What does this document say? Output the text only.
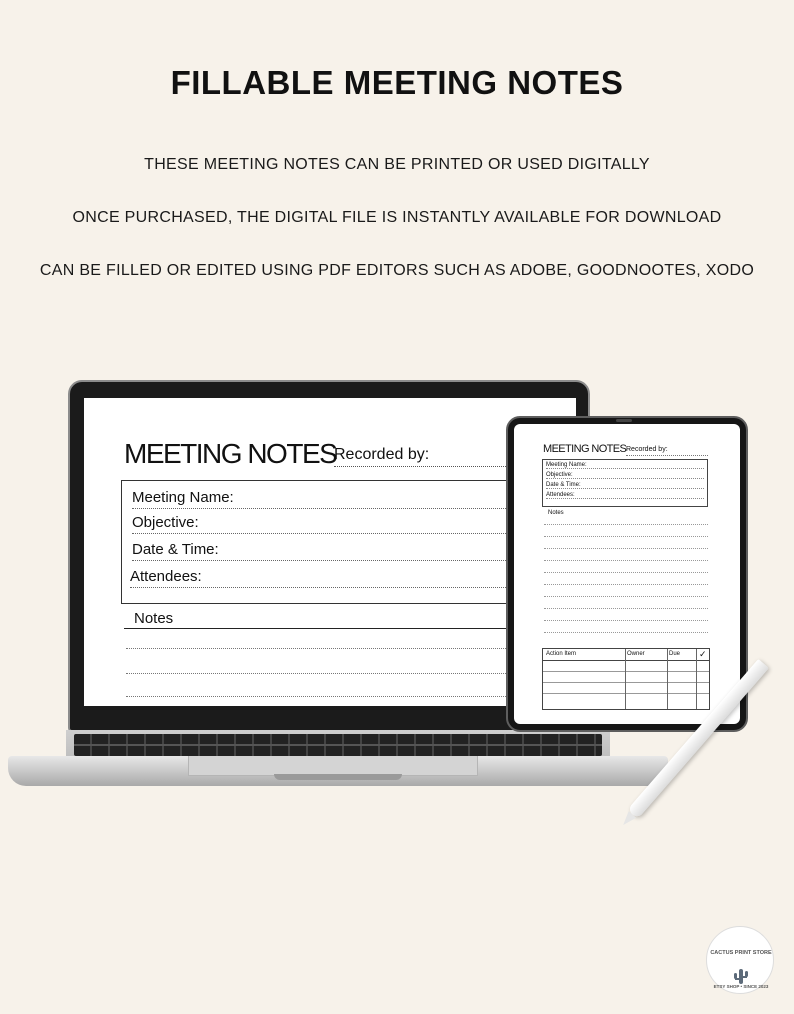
FILLABLE MEETING NOTES
THESE MEETING NOTES CAN BE PRINTED OR USED DIGITALLY
ONCE PURCHASED, THE DIGITAL FILE IS INSTANTLY AVAILABLE FOR DOWNLOAD
CAN BE FILLED OR EDITED USING PDF EDITORS SUCH AS ADOBE, GOODNOOTES, XODO
MEETING NOTES
Recorded by:
Meeting Name:
Objective:
Date & Time:
Attendees:
Notes
MEETING NOTES Recorded by:
Meeting Name:
Objective:
Date & Time:
Attendees:
Notes
Action Item	Owner	Due ✓
CACTUS PRINT STORE
ETSY SHOP • SINCE 2023
